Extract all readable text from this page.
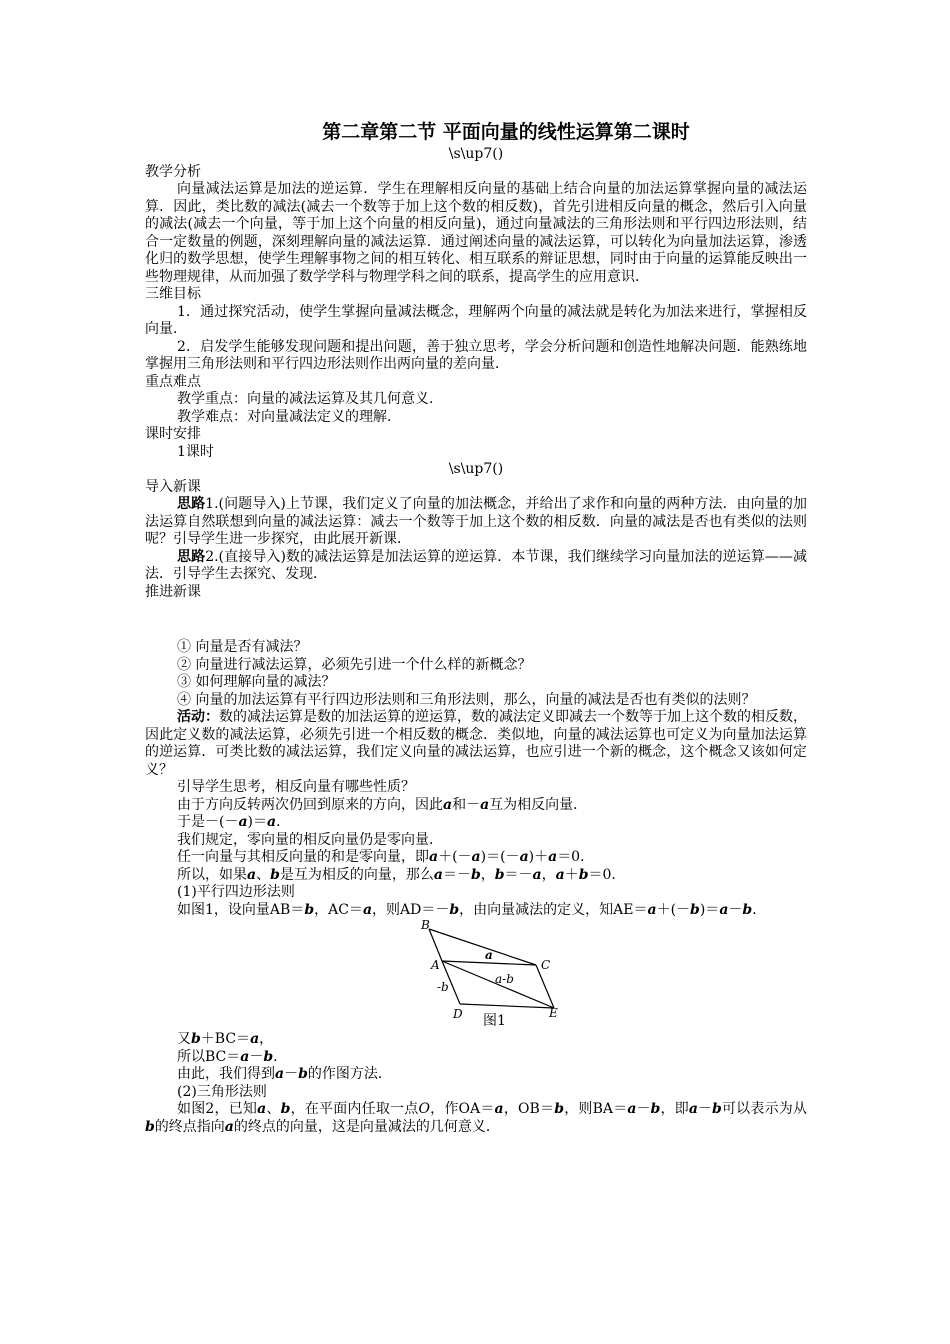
第二章第二节 平面向量的线性运算第二课时
\s\up7()
教学分析

向量减法运算是加法的逆运算．学生在理解相反向量的基础上结合向量的加法运算掌握向量的减法运算．因此，类比数的减法(减去一个数等于加上这个数的相反数)，首先引进相反向量的概念，然后引入向量的减法(减去一个向量，等于加上这个向量的相反向量)，通过向量减法的三角形法则和平行四边形法则，结合一定数量的例题，深刻理解向量的减法运算．通过阐述向量的减法运算，可以转化为向量加法运算，渗透化归的数学思想，使学生理解事物之间的相互转化、相互联系的辩证思想，同时由于向量的运算能反映出一些物理规律，从而加强了数学学科与物理学科之间的联系，提高学生的应用意识．

三维目标

1．通过探究活动，使学生掌握向量减法概念，理解两个向量的减法就是转化为加法来进行，掌握相反向量．

2．启发学生能够发现问题和提出问题，善于独立思考，学会分析问题和创造性地解决问题．能熟练地掌握用三角形法则和平行四边形法则作出两向量的差向量．

重点难点

教学重点：向量的减法运算及其几何意义．

教学难点：对向量减法定义的理解．

课时安排

1课时

\s\up7()
导入新课

思路1.(问题导入)上节课，我们定义了向量的加法概念，并给出了求作和向量的两种方法．由向量的加法运算自然联想到向量的减法运算：减去一个数等于加上这个数的相反数．向量的减法是否也有类似的法则呢？引导学生进一步探究，由此展开新课．

思路2.(直接导入)数的减法运算是加法运算的逆运算．本节课，我们继续学习向量加法的逆运算——减法．引导学生去探究、发现．

推进新课

① 向量是否有减法？

② 向量进行减法运算，必须先引进一个什么样的新概念？

③ 如何理解向量的减法？

④ 向量的加法运算有平行四边形法则和三角形法则，那么，向量的减法是否也有类似的法则？

活动：数的减法运算是数的加法运算的逆运算，数的减法定义即减去一个数等于加上这个数的相反数，因此定义数的减法运算，必须先引进一个相反数的概念．类似地，向量的减法运算也可定义为向量加法运算的逆运算．可类比数的减法运算，我们定义向量的减法运算，也应引进一个新的概念，这个概念又该如何定义？

引导学生思考，相反向量有哪些性质？

由于方向反转两次仍回到原来的方向，因此a和－a互为相反向量．

于是－(－a)＝a．

我们规定，零向量的相反向量仍是零向量．

任一向量与其相反向量的和是零向量，即a＋(－a)＝(－a)＋a＝0．

所以，如果a、b是互为相反的向量，那么a＝－b，b＝－a，a＋b＝0．

(1)平行四边形法则

如图1，设向量AB＝b，AC＝a，则AD＝－b，由向量减法的定义，知AE＝a＋(－b)＝a－b．

B
A	C
D	E
a
a-b
-b
图1

又b＋BC＝a，

所以BC＝a－b．

由此，我们得到a－b的作图方法．

(2)三角形法则

如图2，已知a、b，在平面内任取一点O，作OA＝a，OB＝b，则BA＝a－b，即a－b可以表示为从b的终点指向a的终点的向量，这是向量减法的几何意义．
